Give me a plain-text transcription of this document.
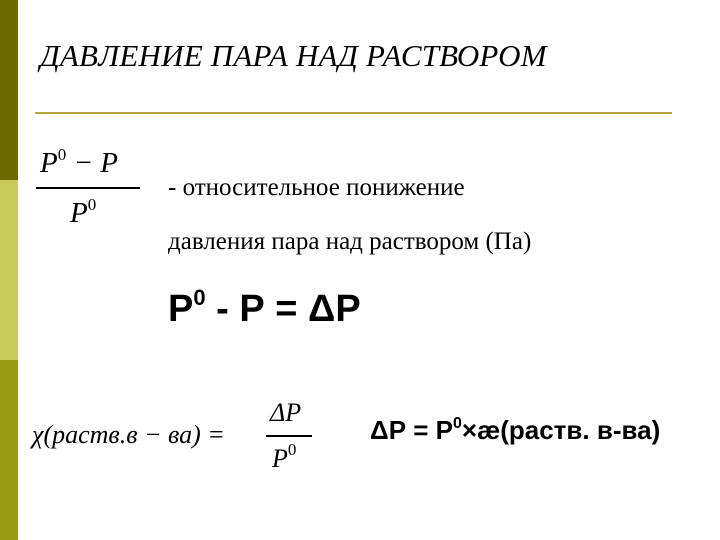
ДАВЛЕНИЕ ПАРА НАД РАСТВОРОМ
$P^0 - P$
$P^0$
- относительное понижение
давления пара над раствором (Па)
$Р^0 - Р = \Delta Р$
χ(раств.в − ва) =
ΔP
$P^0$
$\Delta Р = Р^0\times æ(раств$. в-ва)
